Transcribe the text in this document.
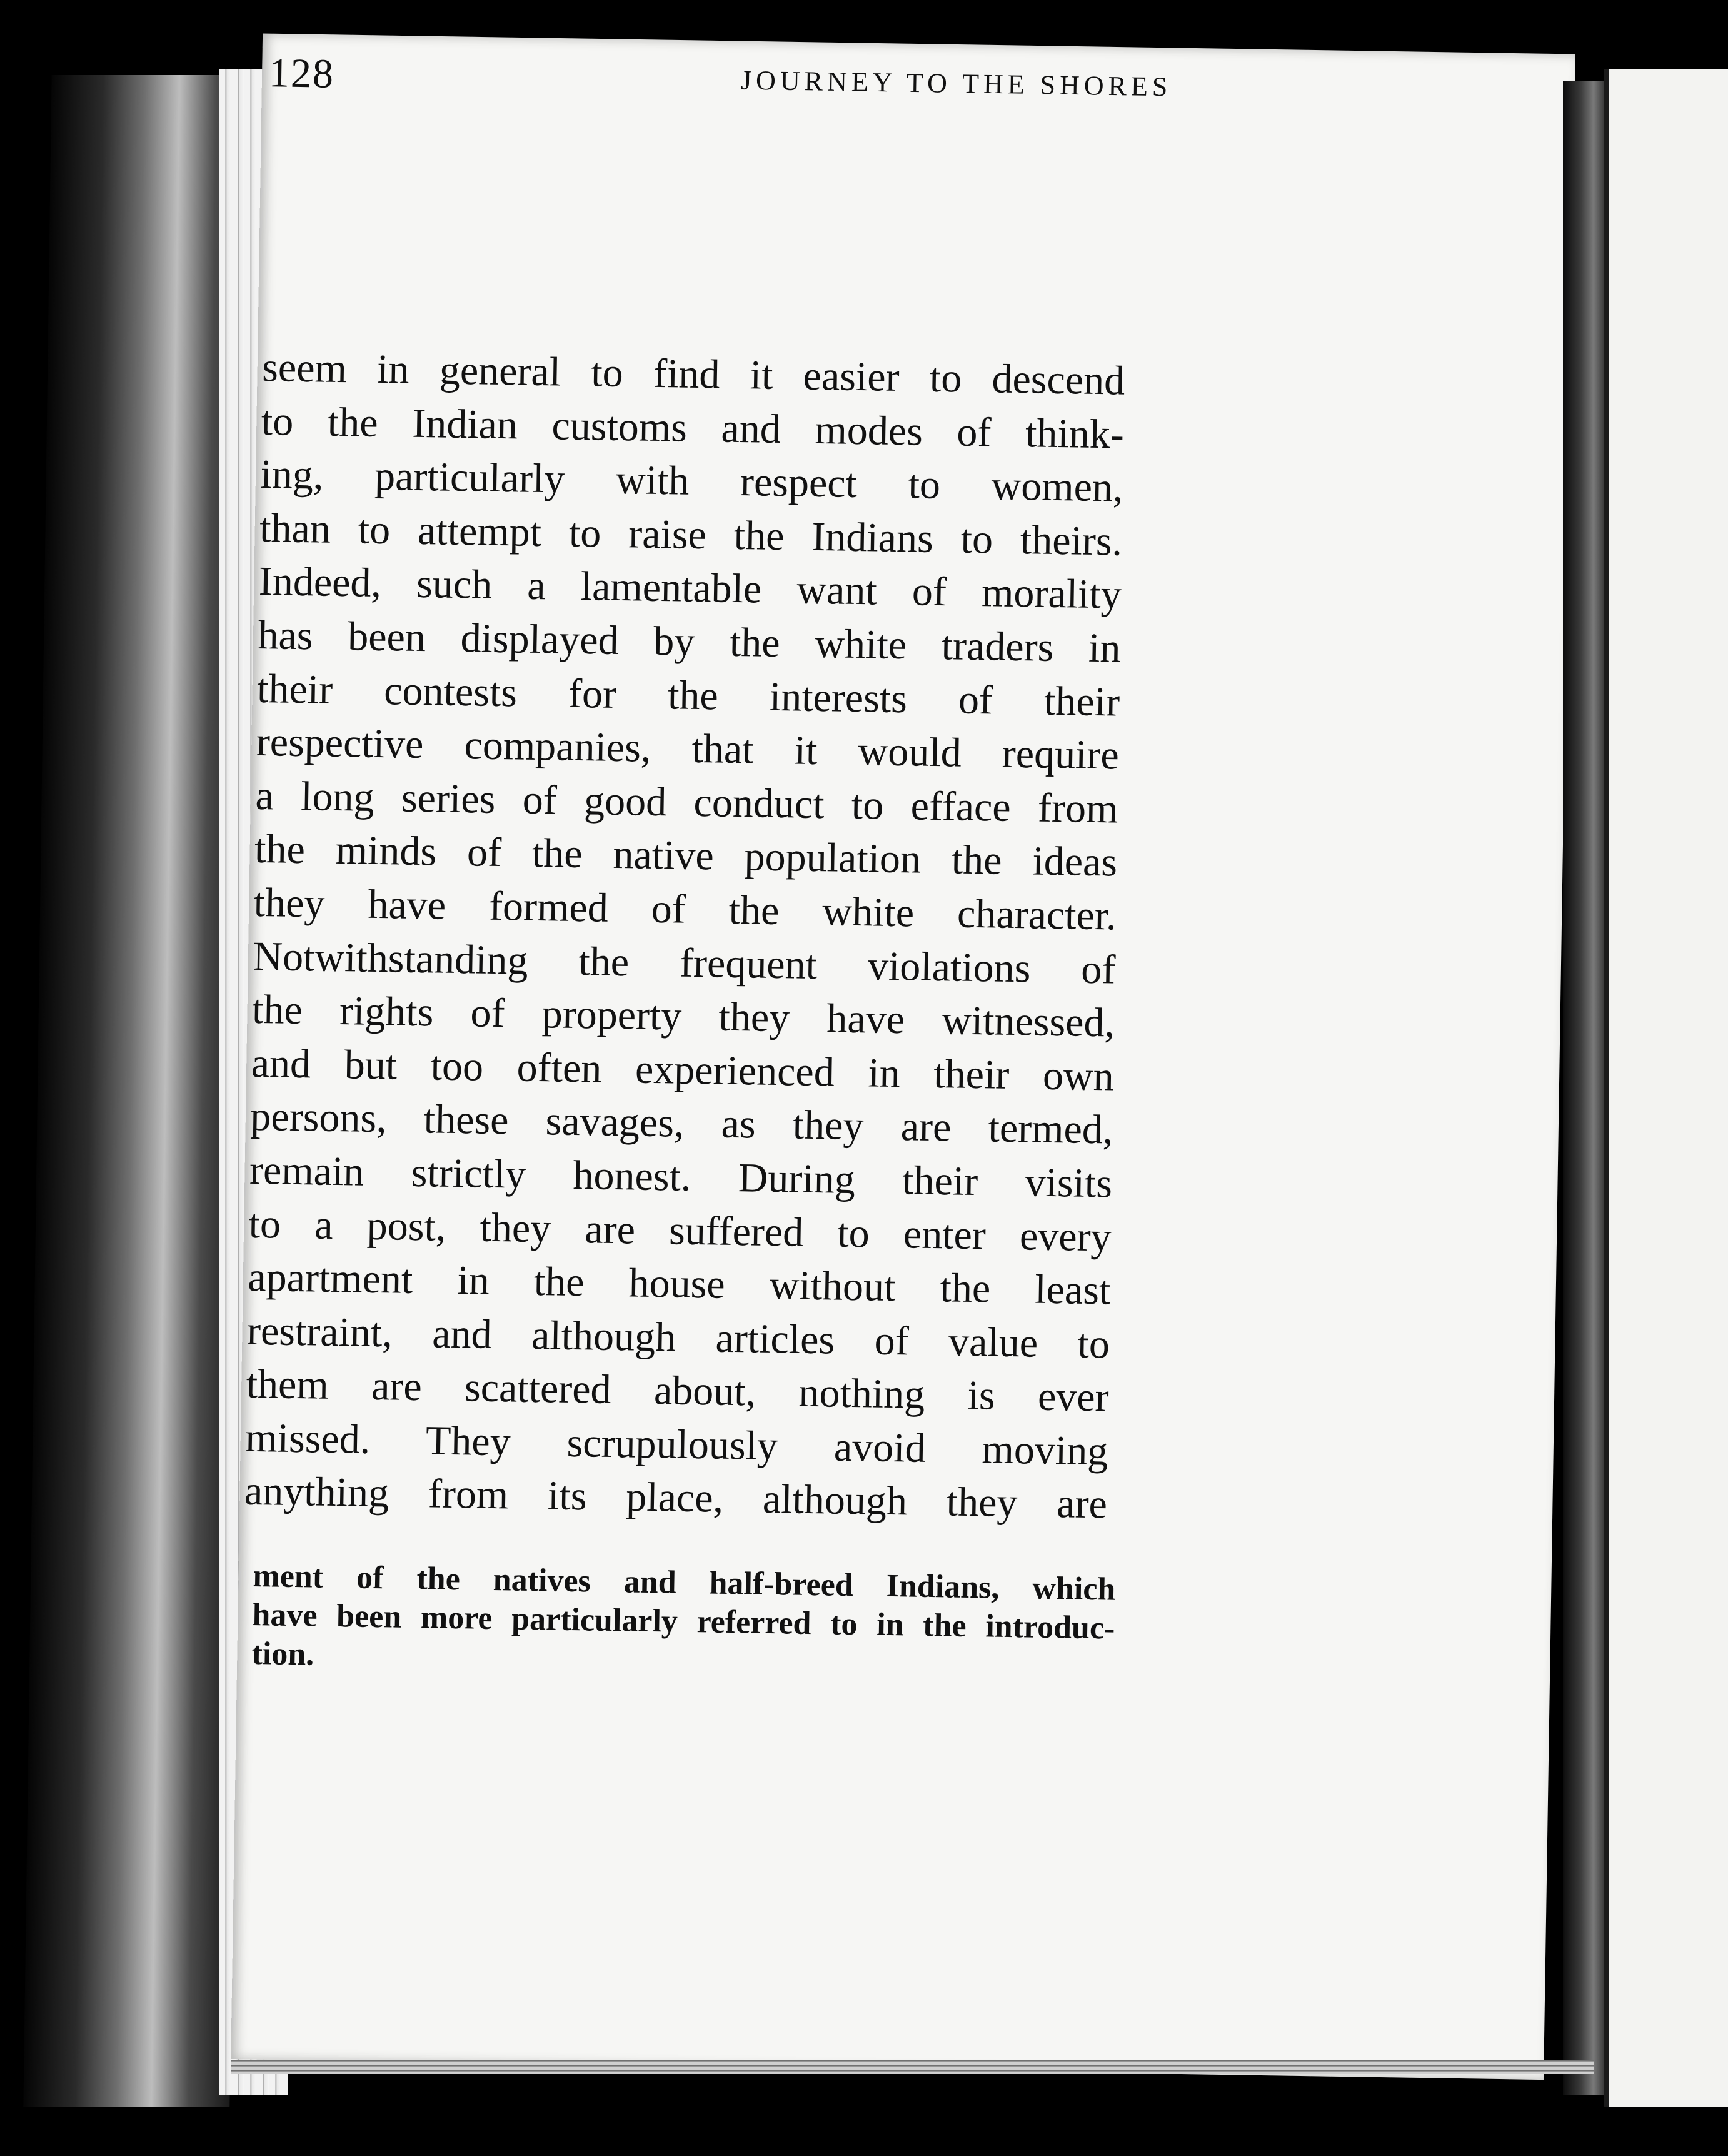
128	JOURNEY TO THE SHORES
seem in general to find it easier to descend
to the Indian customs and modes of think-
ing, particularly with respect to women,
than to attempt to raise the Indians to theirs.
Indeed, such a lamentable want of morality
has been displayed by the white traders in
their contests for the interests of their
respective companies, that it would require
a long series of good conduct to efface from
the minds of the native population the ideas
they have formed of the white character.
Notwithstanding the frequent violations of
the rights of property they have witnessed,
and but too often experienced in their own
persons, these savages, as they are termed,
remain strictly honest. During their visits
to a post, they are suffered to enter every
apartment in the house without the least
restraint, and although articles of value to
them are scattered about, nothing is ever
missed. They scrupulously avoid moving
anything from its place, although they are
ment of the natives and half-breed Indians, which
have been more particularly referred to in the introduc-
tion.
